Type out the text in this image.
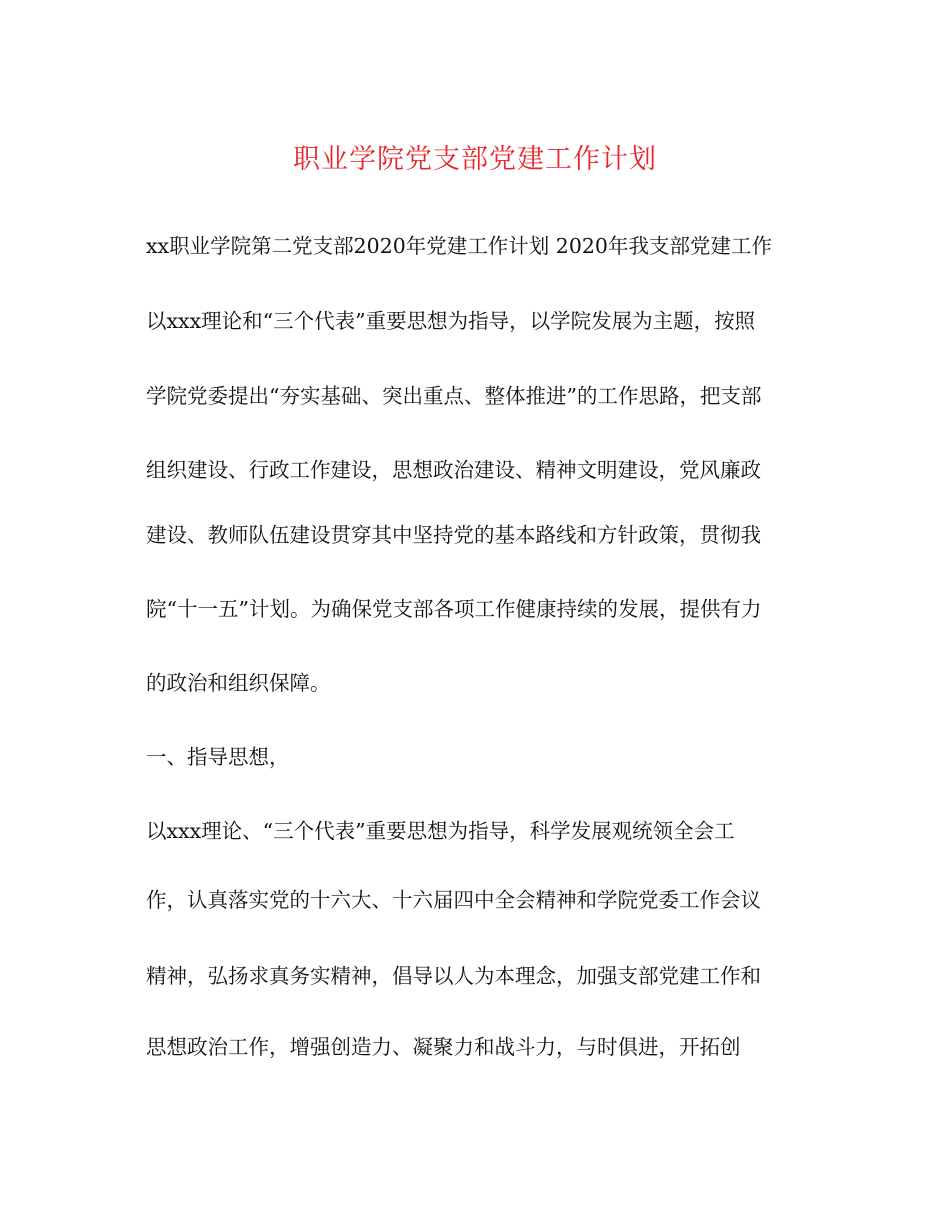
职业学院党支部党建工作计划
xx职业学院第二党支部2020年党建工作计划 2020年我支部党建工作
以xxx理论和“三个代表”重要思想为指导，以学院发展为主题，按照
学院党委提出“夯实基础、突出重点、整体推进”的工作思路，把支部
组织建设、行政工作建设，思想政治建设、精神文明建设，党风廉政
建设、教师队伍建设贯穿其中坚持党的基本路线和方针政策，贯彻我
院“十一五”计划。为确保党支部各项工作健康持续的发展，提供有力
的政治和组织保障。
一、指导思想，
以xxx理论、“三个代表”重要思想为指导，科学发展观统领全会工
作，认真落实党的十六大、十六届四中全会精神和学院党委工作会议
精神，弘扬求真务实精神，倡导以人为本理念，加强支部党建工作和
思想政治工作，增强创造力、凝聚力和战斗力，与时俱进，开拓创
